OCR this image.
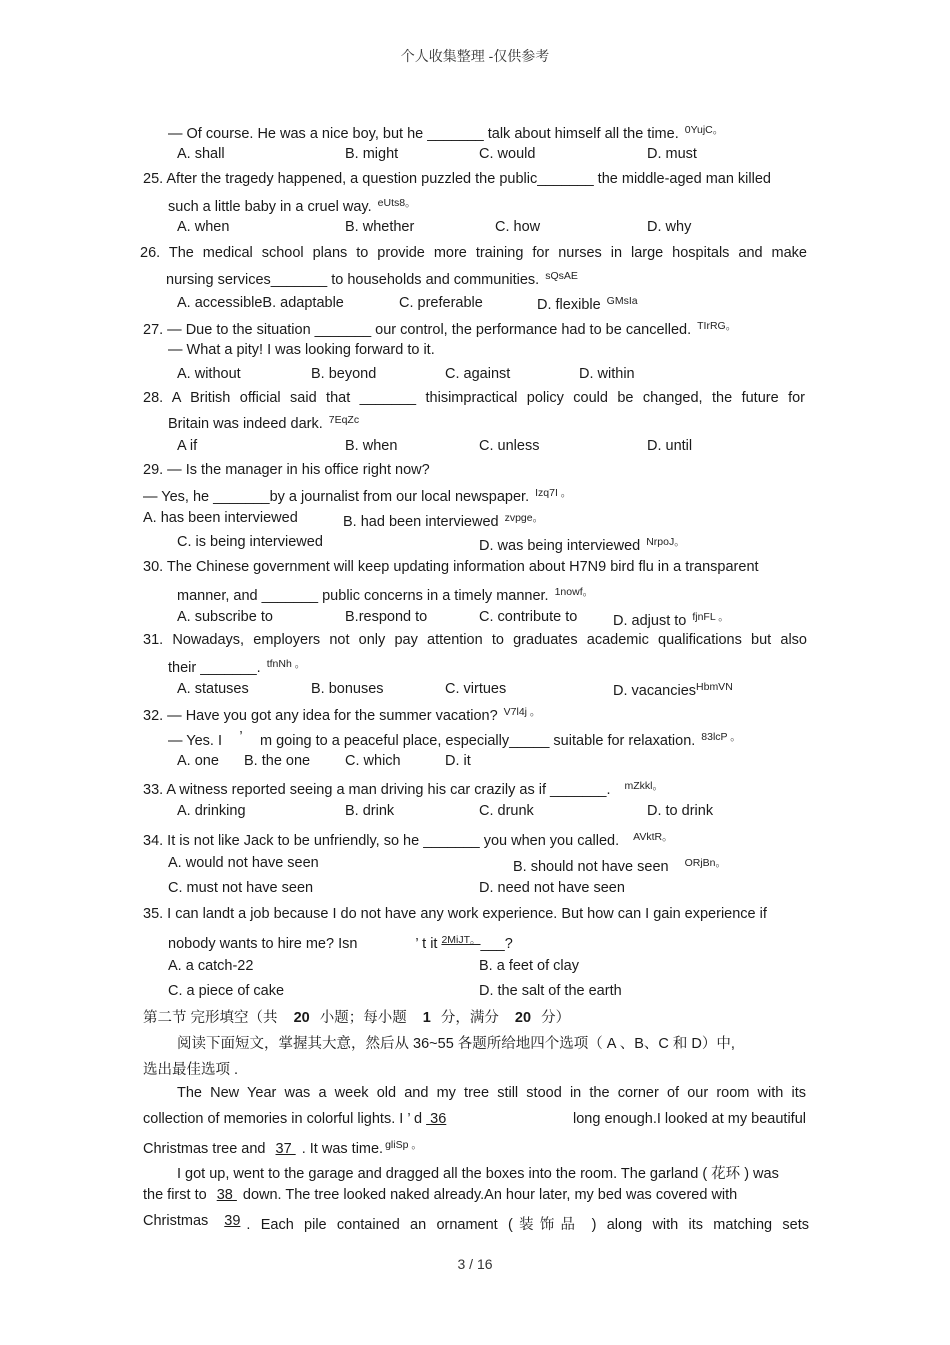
个人收集整理 -仅供参考
— Of course. He was a nice boy, but he _______ talk about himself all the time. $^{0YujC。}$
A. shall	B. might	C. would	D. must
25. After the tragedy happened, a question puzzled the public_______ the middle-aged man killed
such a little baby in a cruel way. $^{eUts8。}$
A. when	B. whether	C. how	D. why
26. The medical school plans to provide more training for nurses in large hospitals and make
nursing services_______ to households and communities. $^{sQsAE}$
A. accessibleB. adaptable	C. preferable	D. flexible $^{GMsIa}$
27. — Due to the situation _______ our control, the performance had to be cancelled. $^{TIrRG。}$
— What a pity! I was looking forward to it.
A. without	B. beyond	C. against	D. within
28. A British official said that _______ thisimpractical policy could be changed, the future for
Britain was indeed dark. $^{7EqZc}$
A if	B. when	C. unless	D. until
29. — Is the manager in his office right now?
— Yes, he _______by a journalist from our local newspaper. $^{Izq7I 。}$
A. has been interviewed	B. had been interviewed $^{zvpge。}$
C. is being interviewed	D. was being interviewed $^{NrpoJ。}$
30. The Chinese government will keep updating information about H7N9 bird flu in a transparent
manner, and _______ public concerns in a timely manner. $^{1nowf。}$
A. subscribe to	B.respond to	C. contribute to D. adjust to $^{fjnFL 。}$
31. Nowadays, employers not only pay attention to graduates academic qualifications but also
their _______. $^{tfnNh 。}$
A. statuses	B. bonuses	C. virtues	D. vacancies$^{HbmVN}$
32. — Have you got any idea for the summer vacation? $^{V7l4j 。}$
— Yes. I ’ m going to a peaceful place, especially_____ suitable for relaxation. $^{83lcP 。}$
A. one B. the one C. which	D. it
33. A witness reported seeing a man driving his car crazily as if _______. $^{mZkkl。}$
A. drinking	B. drink	C. drunk	D. to drink
34. It is not like Jack to be unfriendly, so he _______ you when you called. $^{AVktR。}$
A. would not have seen	B. should not have seen $^{ORjBn。}$
C. must not have seen	D. need not have seen
35. I can landt a job because I do not have any work experience. But how can I gain experience if
nobody wants to hire me? Isn	’ t it $^{2MiJT。}$___?
A. a catch-22	B. a feet of clay
C. a piece of cake	D. the salt of the earth
第二节 完形填空（共 20 小题；每小题 1 分，满分 20 分）
阅读下面短文，掌握其大意，然后从 36~55 各题所给地四个选项（ A 、B、C 和 D）中,
选出最佳选项 .
The New Year was a week old and my tree still stood in the corner of our room with its
collection of memories in colorful lights. I ’ d 36	long enough.I looked at my beautiful
Christmas tree and 37 . It was time. $^{gliSp 。}$
I got up, went to the garage and dragged all the boxes into the room. The garland ( 花环 ) was
the first to 38 down. The tree looked naked already.An hour later, my bed was covered with
Christmas	39 . Each pile contained an ornament (装饰品 ) along with its matching sets
3 / 16
